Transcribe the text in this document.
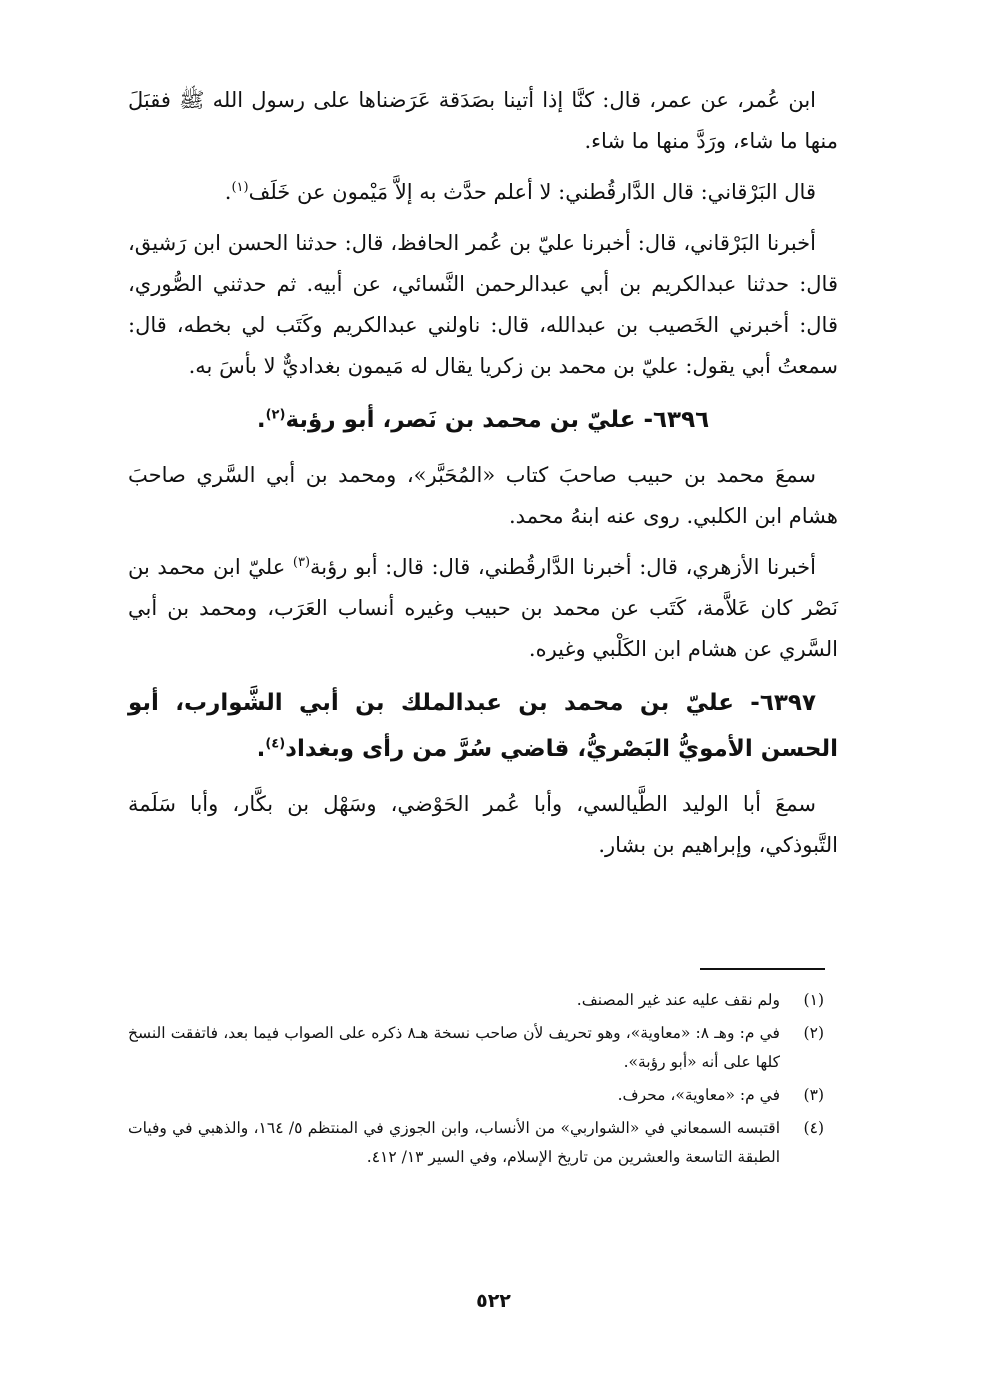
ابن عُمر، عن عمر، قال: كنَّا إذا أتينا بصَدَقة عَرَضناها على رسول الله ﷺ فقبَلَ منها ما شاء، ورَدَّ منها ما شاء.

قال البَرْقاني: قال الدَّارقُطني: لا أعلم حدَّث به إلاَّ مَيْمون عن خَلَف$^{(١)}$.

أخبرنا البَرْقاني، قال: أخبرنا عليّ بن عُمر الحافظ، قال: حدثنا الحسن ابن رَشيق، قال: حدثنا عبدالكريم بن أبي عبدالرحمن النَّسائي، عن أبيه. ثم حدثني الصُّوري، قال: أخبرني الخَصيب بن عبدالله، قال: ناولني عبدالكريم وكَتَب لي بخطه، قال: سمعتُ أبي يقول: عليّ بن محمد بن زكريا يقال له مَيمون بغداديٌّ لا بأسَ به.

٦٣٩٦- عليّ بن محمد بن نَصر، أبو رؤبة$^{(٢)}$.

سمعَ محمد بن حبيب صاحبَ كتاب «المُحَبَّر»، ومحمد بن أبي السَّري صاحبَ هشام ابن الكلبي. روى عنه ابنهُ محمد.

أخبرنا الأزهري، قال: أخبرنا الدَّارقُطني، قال: قال: أبو رؤبة$^{(٣)}$ عليّ ابن محمد بن نَصْر كان عَلاَّمة، كَتَب عن محمد بن حبيب وغيره أنساب العَرَب، ومحمد بن أبي السَّري عن هشام ابن الكَلْبي وغيره.

٦٣٩٧- عليّ بن محمد بن عبدالملك بن أبي الشَّوارب، أبو الحسن الأمويُّ البَصْريُّ، قاضي سُرَّ من رأى وبغداد$^{(٤)}$.

سمعَ أبا الوليد الطَّيالسي، وأبا عُمر الحَوْضي، وسَهْل بن بكَّار، وأبا سَلَمة التَّبوذكي، وإبراهيم بن بشار.

(١)
ولم نقف عليه عند غير المصنف.
(٢)
في م: وهـ ٨: «معاوية»، وهو تحريف لأن صاحب نسخة هـ٨ ذكره على الصواب فيما بعد، فاتفقت النسخ كلها على أنه «أبو رؤبة».
(٣)
في م: «معاوية»، محرف.
(٤)
اقتبسه السمعاني في «الشواربي» من الأنساب، وابن الجوزي في المنتظم ٥/ ١٦٤، والذهبي في وفيات الطبقة التاسعة والعشرين من تاريخ الإسلام، وفي السير ١٣/ ٤١٢.
٥٢٢
